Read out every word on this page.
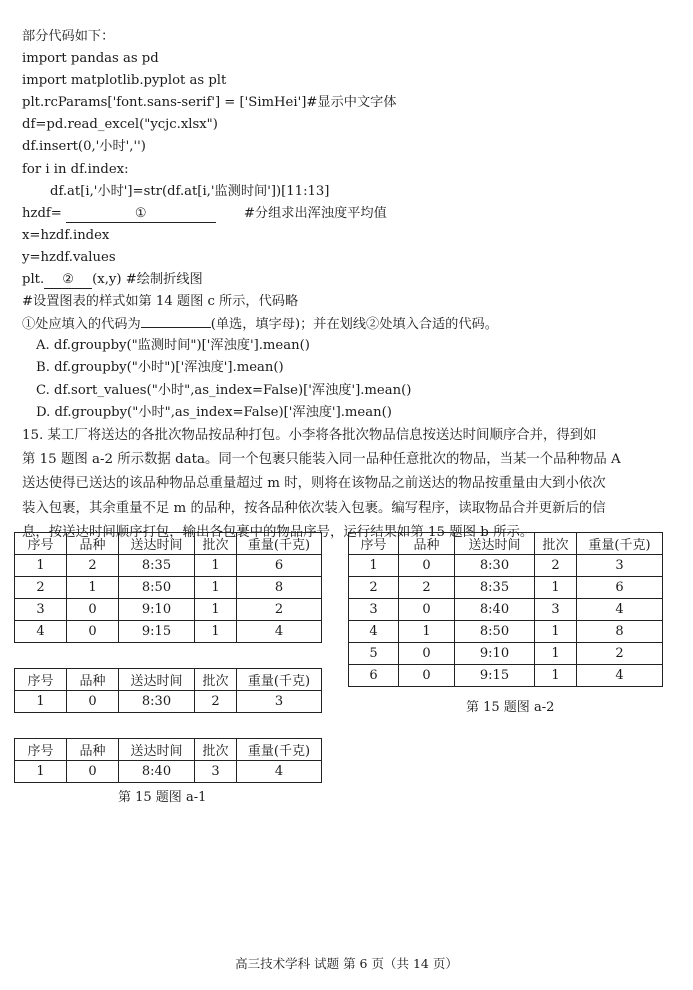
部分代码如下：
import pandas as pd
import matplotlib.pyplot as plt
plt.rcParams['font.sans-serif'] = ['SimHei']#显示中文字体
df=pd.read_excel("ycjc.xlsx")
df.insert(0,'小时','')
for i in df.index:
df.at[i,'小时']=str(df.at[i,'监测时间'])[11:13]
hzdf=	①	#分组求出浑浊度平均值
x=hzdf.index
y=hzdf.values
plt. ② (x,y) #绘制折线图
#设置图表的样式如第 14 题图 c 所示，代码略
①处应填入的代码为	(单选，填字母)；并在划线②处填入合适的代码。
A. df.groupby("监测时间")['浑浊度'].mean()
B. df.groupby("小时")['浑浊度'].mean()
C. df.sort_values("小时",as_index=False)['浑浊度'].mean()
D. df.groupby("小时",as_index=False)['浑浊度'].mean()

15. 某工厂将送达的各批次物品按品种打包。小李将各批次物品信息按送达时间顺序合并，得到如

第 15 题图 a-2 所示数据 data。同一个包裹只能装入同一品种任意批次的物品，当某一个品种物品 A

送达使得已送达的该品种物品总重量超过 m 时，则将在该物品之前送达的物品按重量由大到小依次

装入包裹，其余重量不足 m 的品种，按各品种依次装入包裹。编写程序，读取物品合并更新后的信

息，按送达时间顺序打包，输出各包裹中的物品序号，运行结果如第 15 题图 b 所示。

序号	品种	送达时间	批次	重量(千克)
1	2	8:35	1	6
2	1	8:50	1	8
3	0	9:10	1	2
4	0	9:15	1	4
序号	品种	送达时间	批次	重量(千克)
1	0	8:30	2	3
序号	品种	送达时间	批次	重量(千克)
1	0	8:40	3	4
第 15 题图 a-1
序号	品种	送达时间	批次	重量(千克)
1	0	8:30	2	3
2	2	8:35	1	6
3	0	8:40	3	4
4	1	8:50	1	8
5	0	9:10	1	2
6	0	9:15	1	4
第 15 题图 a-2
高三技术学科 试题 第 6 页（共 14 页）
